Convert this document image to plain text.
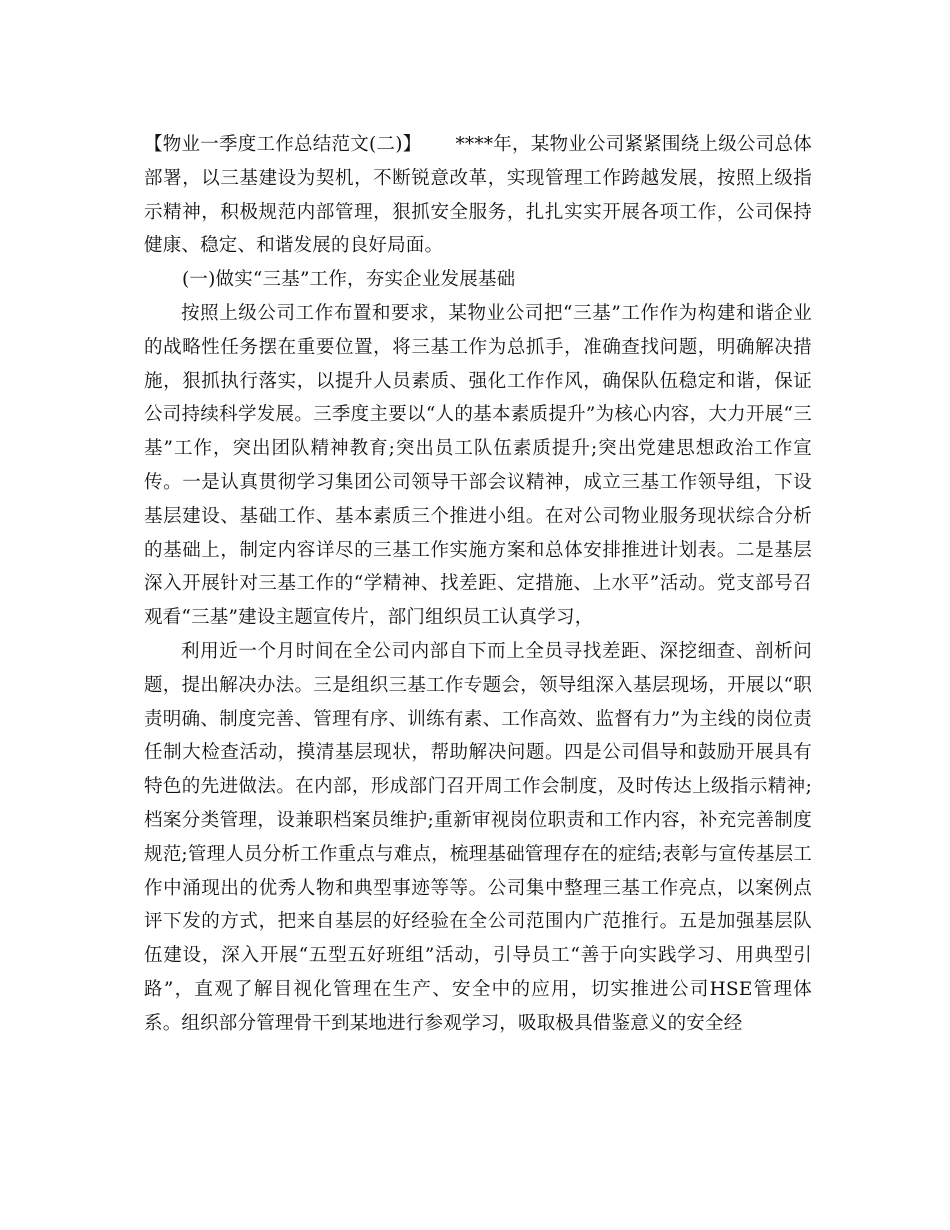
【物业一季度工作总结范文(二)】 ****年，某物业公司紧紧围绕上级公司总体部署，以三基建设为契机，不断锐意改革，实现管理工作跨越发展，按照上级指示精神，积极规范内部管理，狠抓安全服务，扎扎实实开展各项工作，公司保持健康、稳定、和谐发展的良好局面。

(一)做实“三基”工作，夯实企业发展基础

按照上级公司工作布置和要求，某物业公司把“三基”工作作为构建和谐企业的战略性任务摆在重要位置，将三基工作为总抓手，准确查找问题，明确解决措施，狠抓执行落实，以提升人员素质、强化工作作风，确保队伍稳定和谐，保证公司持续科学发展。三季度主要以“人的基本素质提升”为核心内容，大力开展“三基”工作，突出团队精神教育;突出员工队伍素质提升;突出党建思想政治工作宣传。一是认真贯彻学习集团公司领导干部会议精神，成立三基工作领导组，下设基层建设、基础工作、基本素质三个推进小组。在对公司物业服务现状综合分析的基础上，制定内容详尽的三基工作实施方案和总体安排推进计划表。二是基层深入开展针对三基工作的“学精神、找差距、定措施、上水平”活动。党支部号召观看“三基”建设主题宣传片，部门组织员工认真学习，

利用近一个月时间在全公司内部自下而上全员寻找差距、深挖细查、剖析问题，提出解决办法。三是组织三基工作专题会，领导组深入基层现场，开展以“职责明确、制度完善、管理有序、训练有素、工作高效、监督有力”为主线的岗位责任制大检查活动，摸清基层现状，帮助解决问题。四是公司倡导和鼓励开展具有特色的先进做法。在内部，形成部门召开周工作会制度，及时传达上级指示精神;档案分类管理，设兼职档案员维护;重新审视岗位职责和工作内容，补充完善制度规范;管理人员分析工作重点与难点，梳理基础管理存在的症结;表彰与宣传基层工作中涌现出的优秀人物和典型事迹等等。公司集中整理三基工作亮点，以案例点评下发的方式，把来自基层的好经验在全公司范围内广范推行。五是加强基层队伍建设，深入开展“五型五好班组”活动，引导员工“善于向实践学习、用典型引路”，直观了解目视化管理在生产、安全中的应用，切实推进公司HSE管理体系。组织部分管理骨干到某地进行参观学习，吸取极具借鉴意义的安全经
